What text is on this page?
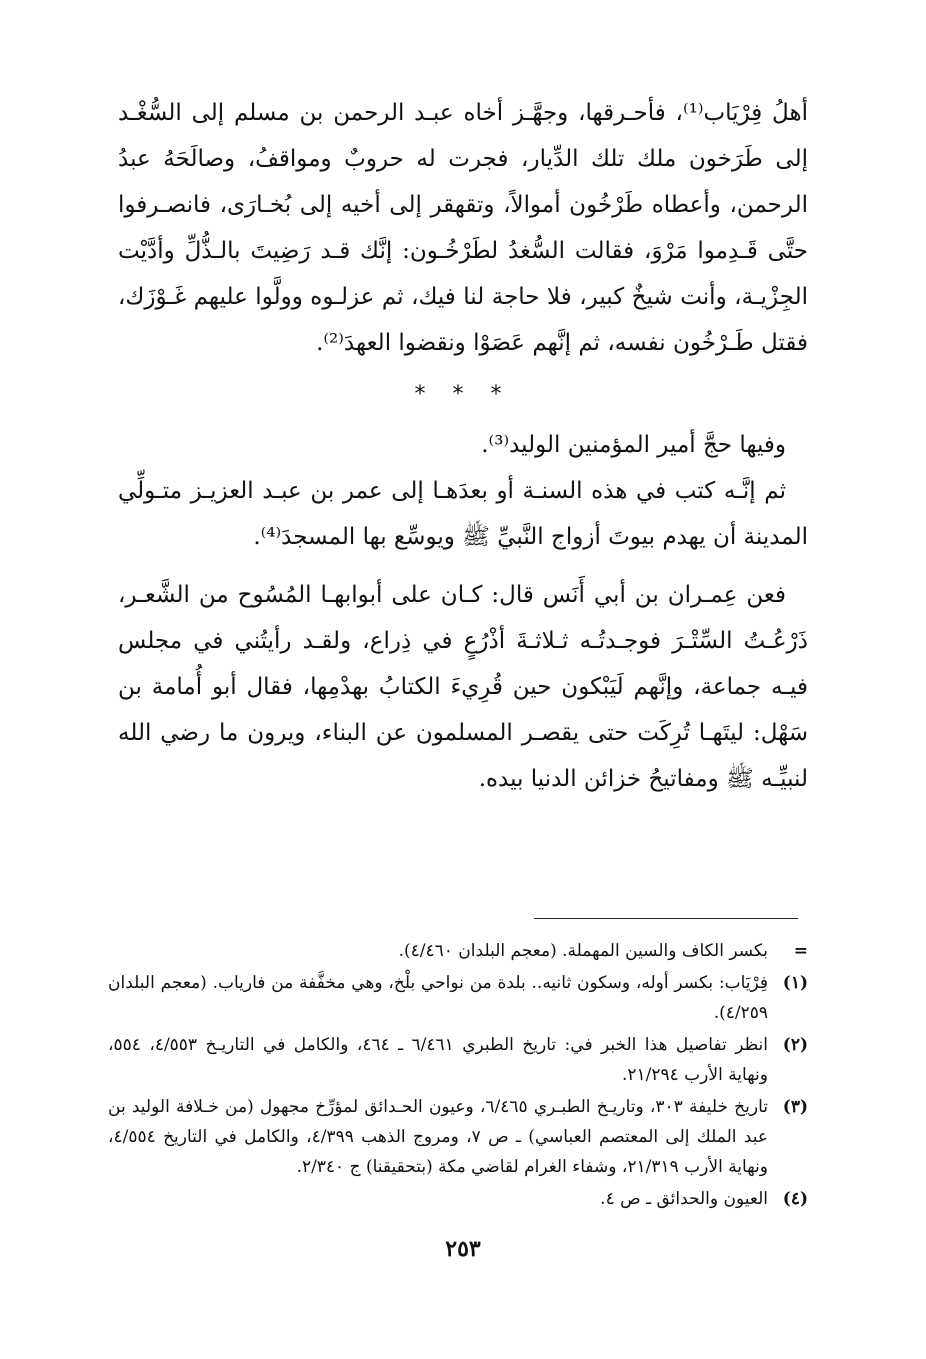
أهلُ فِرْيَاب⁽¹⁾، فأحـرقها، وجهَّـز أخاه عبـد الرحمن بن مسلم إلى السُّغْـد إلى طَرَخون ملك تلك الدِّيار، فجرت له حروبٌ ومواقفُ، وصالَحَهُ عبدُ الرحمن، وأعطاه طَرْخُون أموالاً، وتقهقر إلى أخيه إلى بُخـارَى، فانصـرفوا حتَّى قَـدِموا مَرْوَ، فقالت السُّغدُ لطَرْخُـون: إنَّك قـد رَضِيتَ بالـذُّلِّ وأدَّيْت الجِزْيـة، وأنت شيخٌ كبير، فلا حاجة لنا فيك، ثم عزلـوه وولَّوا عليهم غَـوْزَك، فقتل طَـرْخُون نفسه، ثم إنَّهم عَصَوْا ونقضوا العهدَ⁽²⁾.

* * *

وفيها حجَّ أمير المؤمنين الوليد⁽³⁾.

ثم إنَّـه كتب في هذه السنـة أو بعدَهـا إلى عمر بن عبـد العزيـز متـولِّي المدينة أن يهدم بيوتَ أزواج النَّبيِّ ﷺ ويوسِّع بها المسجدَ⁽⁴⁾.

فعن عِمـران بن أبي أَنَس قال: كـان على أبوابهـا المُسُوح من الشَّعـر، ذَرْعُـتُ السِّتْـرَ فوجـدتُـه ثـلاثـةَ أذْرُعٍ في ذِراع، ولقـد رأيتُني في مجلس فيـه جماعة، وإنَّهم لَيَبْكون حين قُرِيءَ الكتابُ بهدْمِها، فقال أبو أُمامة بن سَهْل: ليتَهـا تُرِكَت حتى يقصـر المسلمون عن البناء، ويرون ما رضي الله لنبيِّـه ﷺ ومفاتيحُ خزائن الدنيا بيده.

=
بكسر الكاف والسين المهملة. (معجم البلدان ٤/٤٦٠).
(١)
فِرْيَاب: بكسر أوله، وسكون ثانيه.. بلدة من نواحي بلْخ، وهي مخفَّفة من فارياب. (معجم البلدان ٤/٢٥٩).
(٢)
انظر تفاصيل هذا الخبر في: تاريخ الطبري ٦/٤٦١ ـ ٤٦٤، والكامل في التاريـخ ٤/٥٥٣، ٥٥٤، ونهاية الأرب ٢١/٢٩٤.
(٣)
تاريخ خليفة ٣٠٣، وتاريـخ الطبـري ٦/٤٦٥، وعيون الحـدائق لمؤرِّخ مجهول (من خـلافة الوليد بن عبد الملك إلى المعتصم العباسي) ـ ص ٧، ومروج الذهب ٤/٣٩٩، والكامل في التاريخ ٤/٥٥٤، ونهاية الأرب ٢١/٣١٩، وشفاء الغرام لقاضي مكة (بتحقيقنا) ج ٢/٣٤٠.
(٤)
العيون والحدائق ـ ص ٤.
٢٥٣
